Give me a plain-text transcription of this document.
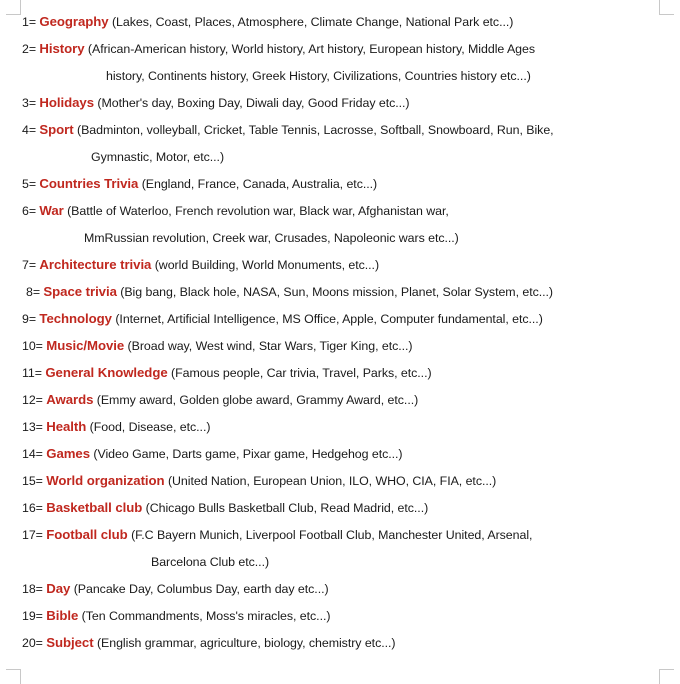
1= Geography (Lakes, Coast, Places, Atmosphere, Climate Change, National Park etc...)
2= History (African-American history, World history, Art history, European history, Middle Ages
history, Continents history, Greek History, Civilizations, Countries history etc...)
3= Holidays (Mother's day, Boxing Day, Diwali day, Good Friday etc...)
4= Sport (Badminton, volleyball, Cricket, Table Tennis, Lacrosse, Softball, Snowboard, Run, Bike,
Gymnastic, Motor, etc...)
5= Countries Trivia (England, France, Canada, Australia, etc...)
6= War (Battle of Waterloo, French revolution war, Black war, Afghanistan war,
MmRussian revolution, Creek war, Crusades, Napoleonic wars etc...)
7= Architecture trivia (world Building, World Monuments, etc...)
8= Space trivia (Big bang, Black hole, NASA, Sun, Moons mission, Planet, Solar System, etc...)
9= Technology (Internet, Artificial Intelligence, MS Office, Apple, Computer fundamental, etc...)
10= Music/Movie (Broad way, West wind, Star Wars, Tiger King, etc...)
11= General Knowledge (Famous people, Car trivia, Travel, Parks, etc...)
12= Awards (Emmy award, Golden globe award, Grammy Award, etc...)
13= Health (Food, Disease, etc...)
14= Games (Video Game, Darts game, Pixar game, Hedgehog etc...)
15= World organization (United Nation, European Union, ILO, WHO, CIA, FIA, etc...)
16= Basketball club (Chicago Bulls Basketball Club, Read Madrid, etc...)
17= Football club (F.C Bayern Munich, Liverpool Football Club, Manchester United, Arsenal,
Barcelona Club etc...)
18= Day (Pancake Day, Columbus Day, earth day etc...)
19= Bible (Ten Commandments, Moss's miracles, etc...)
20= Subject (English grammar, agriculture, biology, chemistry etc...)
